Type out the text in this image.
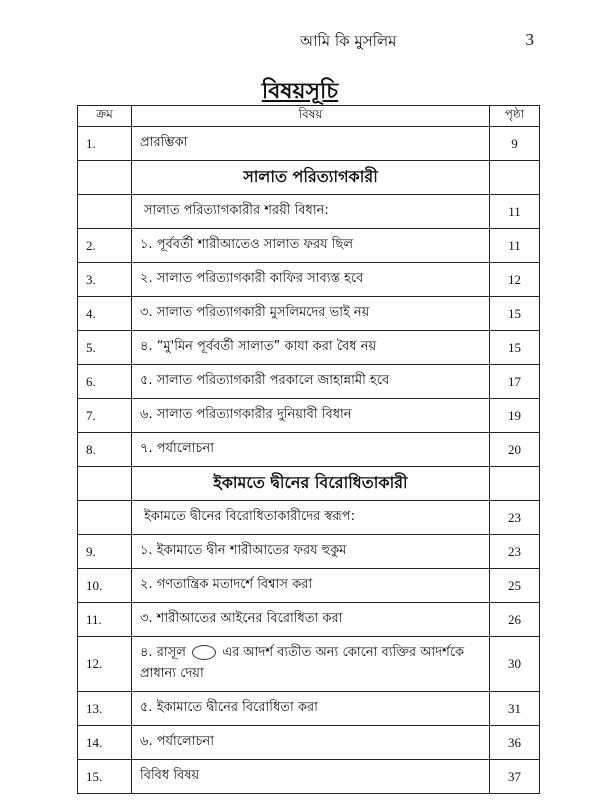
আমি কি মুসলিম	3
বিষয়সূচি
ক্রম	বিষয়	পৃষ্ঠা
1.	প্রারম্ভিকা	9
	সালাত পরিত্যাগকারী	
	সালাত পরিত্যাগকারীর শরয়ী বিধান:	11
2.	১. পূর্ববর্তী শারীআতেও সালাত ফরয ছিল	11
3.	২. সালাত পরিত্যাগকারী কাফির সাব্যস্ত হবে	12
4.	৩. সালাত পরিত্যাগকারী মুসলিমদের ভাই নয়	15
5.	৪. “মু'মিন পূর্ববর্তী সালাত” কাযা করা বৈধ নয়	15
6.	৫. সালাত পরিত্যাগকারী পরকালে জাহান্নামী হবে	17
7.	৬. সালাত পরিত্যাগকারীর দুনিয়াবী বিধান	19
8.	৭. পর্যালোচনা	20
	ইকামতে দ্বীনের বিরোধিতাকারী	
	ইকামতে দ্বীনের বিরোধিতাকারীদের স্বরূপ:	23
9.	১. ইকামাতে দ্বীন শারীআতের ফরয হুকুম	23
10.	২. গণতান্ত্রিক মতাদর্শে বিশ্বাস করা	25
11.	৩. শারীআতের আইনের বিরোধিতা করা	26
12.	৪. রাসূল এর আদর্শ ব্যতীত অন্য কোনো ব্যক্তির আদর্শকে প্রাধান্য দেয়া	30
13.	৫. ইকামাতে দ্বীনের বিরোধিতা করা	31
14.	৬. পর্যালোচনা	36
15.	বিবিধ বিষয়	37
